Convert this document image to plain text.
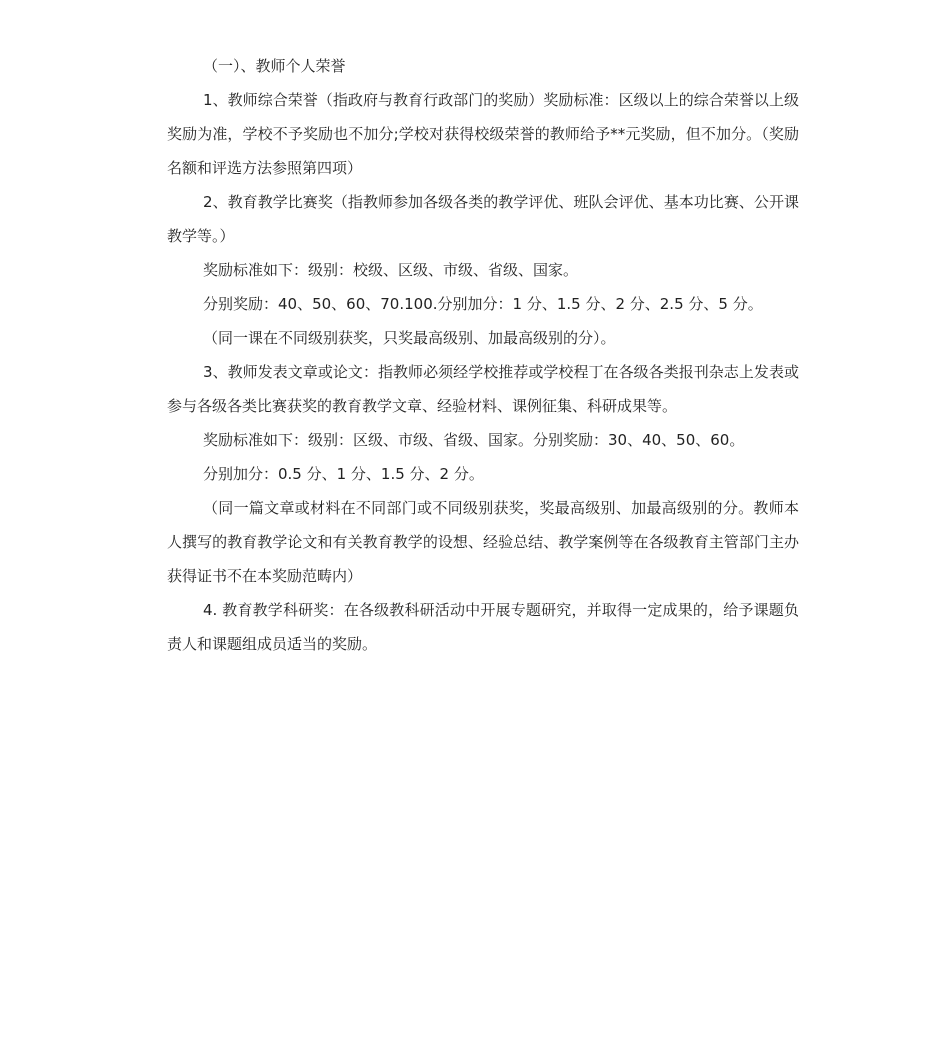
（一）、教师个人荣誉

1、教师综合荣誉（指政府与教育行政部门的奖励）奖励标准：区级以上的综合荣誉以上级奖励为准，学校不予奖励也不加分;学校对获得校级荣誉的教师给予**元奖励，但不加分。（奖励名额和评选方法参照第四项）

2、教育教学比赛奖（指教师参加各级各类的教学评优、班队会评优、基本功比赛、公开课教学等。）

奖励标准如下：级别：校级、区级、市级、省级、国家。

分别奖励：40、50、60、70.100.分别加分：1 分、1.5 分、2 分、2.5 分、5 分。

（同一课在不同级别获奖，只奖最高级别、加最高级别的分）。

3、教师发表文章或论文：指教师必须经学校推荐或学校程丁在各级各类报刊杂志上发表或参与各级各类比赛获奖的教育教学文章、经验材料、课例征集、科研成果等。

奖励标准如下：级别：区级、市级、省级、国家。分别奖励：30、40、50、60。

分别加分：0.5 分、1 分、1.5 分、2 分。

（同一篇文章或材料在不同部门或不同级别获奖，奖最高级别、加最高级别的分。教师本人撰写的教育教学论文和有关教育教学的设想、经验总结、教学案例等在各级教育主管部门主办获得证书不在本奖励范畴内）

4. 教育教学科研奖：在各级教科研活动中开展专题研究，并取得一定成果的，给予课题负责人和课题组成员适当的奖励。
